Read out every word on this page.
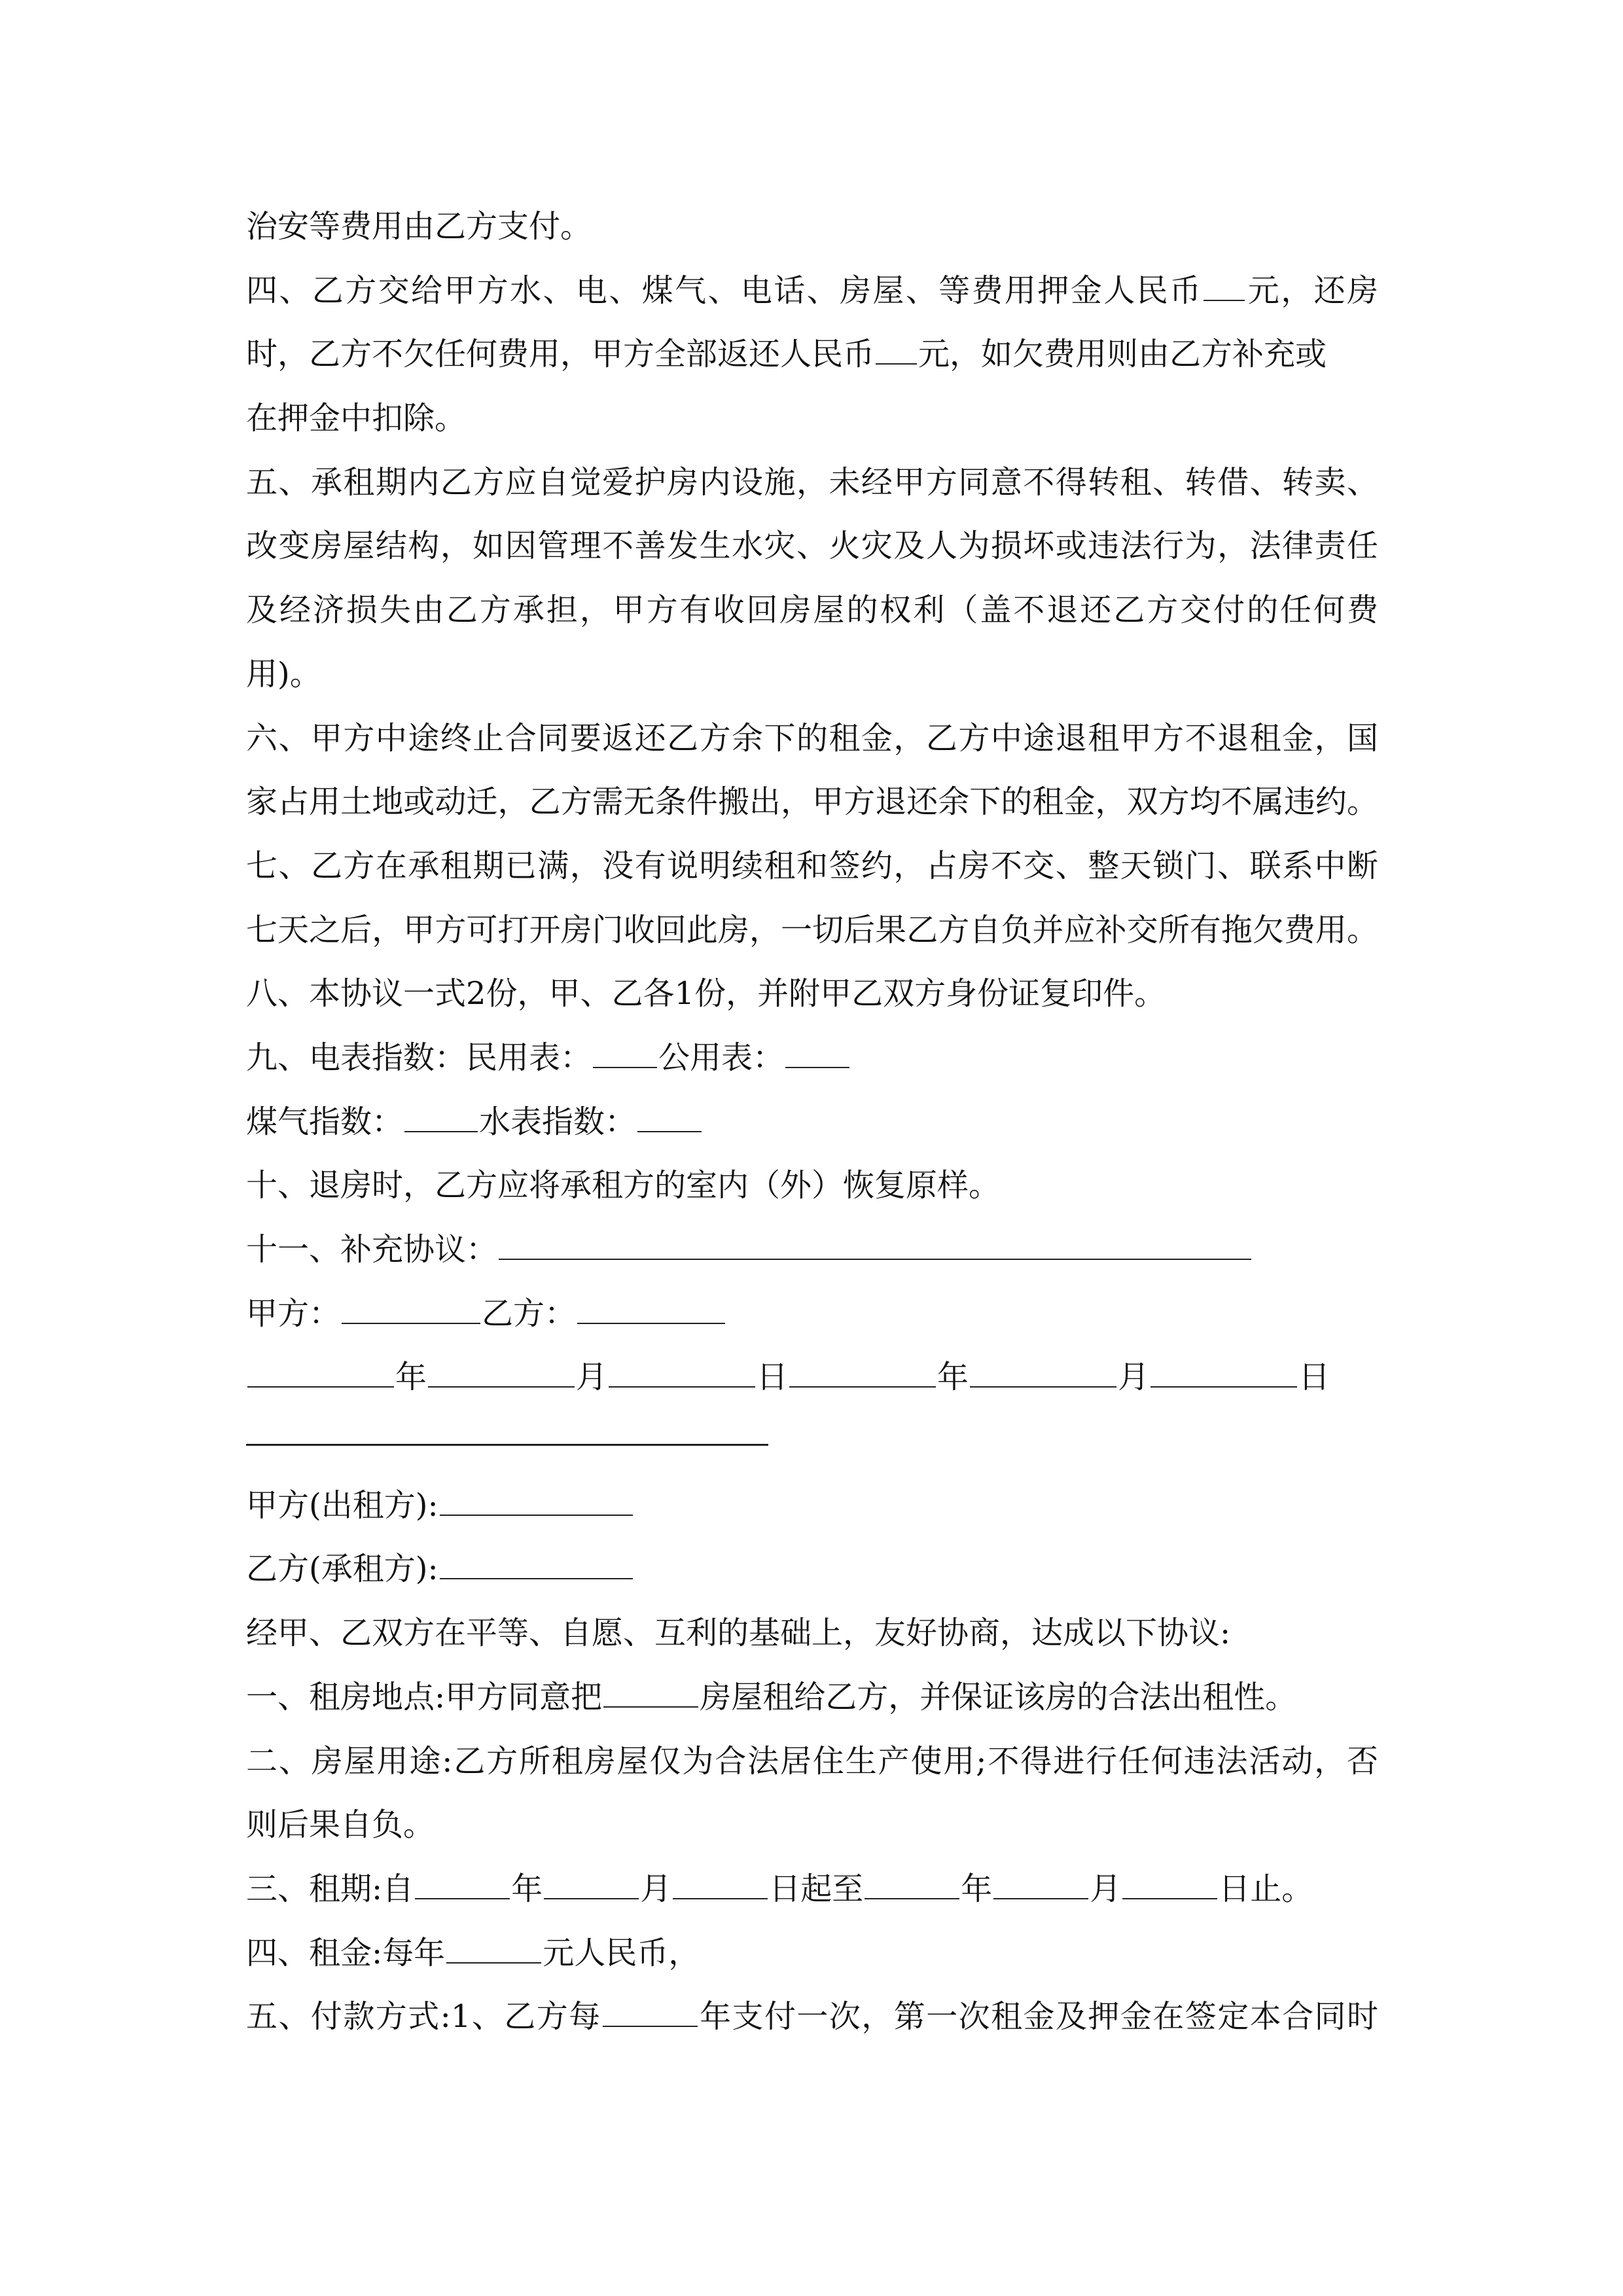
治安等费用由乙方支付。
四、乙方交给甲方水、电、煤气、电话、房屋、等费用押金人民币 元，还房
时，乙方不欠任何费用，甲方全部返还人民币 元，如欠费用则由乙方补充或
在押金中扣除。
五、承租期内乙方应自觉爱护房内设施，未经甲方同意不得转租、转借、转卖、
改变房屋结构，如因管理不善发生水灾、火灾及人为损坏或违法行为，法律责任
及经济损失由乙方承担，甲方有收回房屋的权利（盖不退还乙方交付的任何费
用)。
六、甲方中途终止合同要返还乙方余下的租金，乙方中途退租甲方不退租金，国
家占用土地或动迁，乙方需无条件搬出，甲方退还余下的租金，双方均不属违约。
七、乙方在承租期已满，没有说明续租和签约，占房不交、整天锁门、联系中断
七天之后，甲方可打开房门收回此房，一切后果乙方自负并应补交所有拖欠费用。
八、本协议一式2份，甲、乙各1份，并附甲乙双方身份证复印件。
九、电表指数：民用表： 公用表：
煤气指数： 水表指数：
十、退房时，乙方应将承租方的室内（外）恢复原样。
十一、补充协议：
甲方：	乙方：
年	月	日	年	月	日
甲方(出租方):
乙方(承租方):
经甲、乙双方在平等、自愿、互利的基础上，友好协商，达成以下协议:
一、租房地点:甲方同意把	房屋租给乙方，并保证该房的合法出租性。
二、房屋用途:乙方所租房屋仅为合法居住生产使用;不得进行任何违法活动，否
则后果自负。
三、租期:自	年	月	日起至	年	月	日止。
四、租金:每年	元人民币，
五、付款方式:1、乙方每	年支付一次，第一次租金及押金在签定本合同时
